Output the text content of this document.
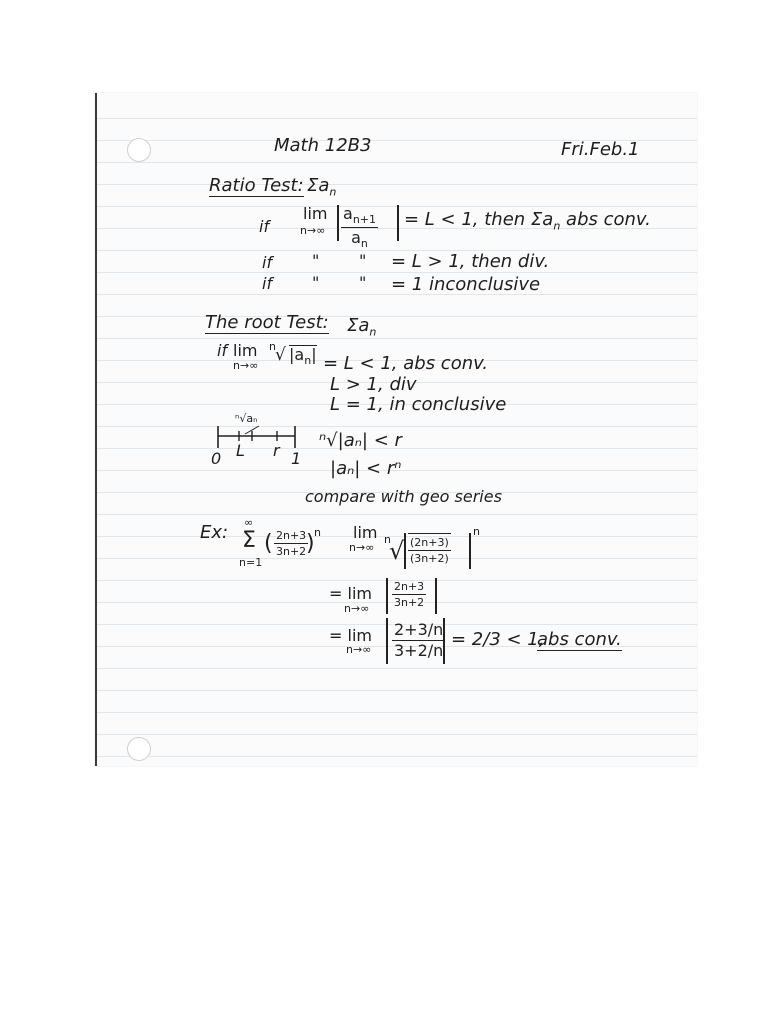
Math 12B3	Fri.Feb.1
Ratio Test: $\Sigma a_n$
if
lim
$n\to\infty \frac{a_{n+1}}{a_n} = L < 1$, then $\Sigma a_n$ abs conv.
if " " = L > 1, then div.
if " " = 1 inconclusive
The root Test: $\Sigma a_n$
if lim
n→∞
n √ $|a_n| = L < 1$, abs conv.
L > 1, div
L = 1, in conclusive
ⁿ√aₙ
0 L r 1
ⁿ√|aₙ| < r
|aₙ| < rⁿ
compare with geo series
Ex: ∞
Σ
n=1
( $\frac{2n+3}{3n+2}$
) n lim
n→∞
n
√ $\frac{(2n+3)}{(3n+2)}$
n
= lim
n→∞
$\frac{2n+3}{3n+2}$
= lim
$n\to\infty \frac{2+3/n}{3+2/n} = 2/3 < 1$,
abs conv.
